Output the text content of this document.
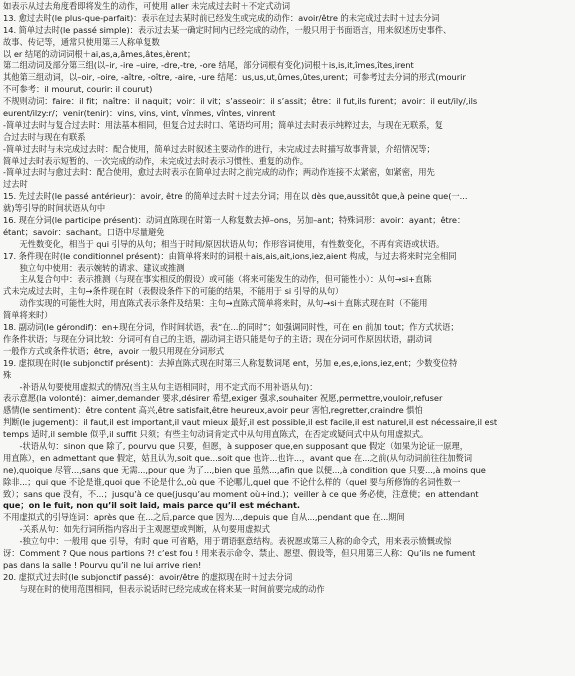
如表示从过去角度看即将发生的动作，可使用 aller 未完成过去时＋不定式动词
13. 愈过去时(le plus-que-parfait)：表示在过去某时前已经发生或完成的动作：avoir/être 的未完成过去时＋过去分词
14. 简单过去时(le passé simple)：表示过去某一确定时间内已经完成的动作，一般只用于书面语言，用来叙述历史事件、
故事、传记等，通常只使用第三人称单复数
以 er 结尾的动词词根＋ai,as,a,âmes,âtes,èrent；
第二组动词及部分第三组(以–ir, -ire –uire, -dre,-tre, -ore 结尾，部分词根有变化)词根＋is,is,it,îmes,îtes,irent
其他第三组动词，以–oir, -oire, -aître, -oître, -aire, -ure 结尾：us,us,ut,ûmes,ûtes,urent；可参考过去分词的形式(mourir
不可参考：il mourut, courir: il courut)
不规则动词：faire：il fit；naître：il naquit；voir：il vit；s’asseoir：il s’assit；être：il fut,ils furent；avoir：il eut/ily/,ils
eurent/ilzy:r/；venir(tenir)：vins, vins, vint, vînmes, vîntes, vinrent
-简单过去时与复合过去时：用法基本相同，但复合过去时口、笔语均可用；简单过去时表示纯粹过去，与现在无联系，复
合过去时与现在有联系
-简单过去时与未完成过去时：配合使用，简单过去时叙述主要动作的进行，未完成过去时描写故事背景，介绍情况等；
简单过去时表示短暂的、一次完成的动作，未完成过去时表示习惯性、重复的动作。
-简单过去时与愈过去时：配合使用，愈过去时表示在简单过去时之前完成的动作；两动作连接不太紧密，如紧密，用先
过去时
15. 先过去时(le passé antérieur)：avoir, être 的简单过去时＋过去分词；用在以 dès que,aussitôt que,à peine que(一...
就)等引导的时间状语从句中
16. 现在分词(le participe présent)：动词直陈现在时第一人称复数去掉–ons，另加–ant；特殊词形：avoir：ayant；être：
étant；savoir：sachant。口语中尽量避免
　　无性数变化，相当于 qui 引导的从句；相当于时间/原因状语从句；作形容词使用，有性数变化，不再有宾语或状语。
17. 条件现在时(le conditionnel présent)：由简单将来时的词根＋ais,ais,ait,ions,iez,aient 构成，与过去将来时完全相同
　　独立句中使用：表示婉转的请求、建议或推测
　　主从复合句中：表示推测（与现在事实相反的假设）或可能（将来可能发生的动作，但可能性小）：从句→si+直陈
式未完成过去时，主句→条件现在时（表假设条件下的可能的结果，不能用于 si 引导的从句）
　　动作实现的可能性大时，用直陈式表示条件及结果：主句→直陈式简单将来时，从句→si＋直陈式现在时（不能用
简单将来时）
18. 副动词(le gérondif)：en+现在分词，作时间状语，表“在...的同时”；如强调同时性，可在 en 前加 tout；作方式状语；
作条件状语；与现在分词比较：分词可有自己的主语，副动词主语只能是句子的主语；现在分词可作原因状语，副动词
一般作方式或条件状语；être，avoir 一般只用现在分词形式
19. 虚拟现在时(le subjonctif présent)：去掉直陈式现在时第三人称复数词尾 ent，另加 e,es,e,ions,iez,ent；少数变位特
殊
　　-补语从句要使用虚拟式的情况(当主从句主语相同时，用不定式而不用补语从句)：
表示意愿(la volonté)：aimer,demander 要求,désirer 希望,exiger 强求,souhaiter 祝愿,permettre,vouloir,refuser
感情(le sentiment)：être content 高兴,être satisfait,être heureux,avoir peur 害怕,regretter,craindre 惧怕
判断(le jugement)：il faut,il est important,il vaut mieux 最好,il est possible,il est facile,il est naturel,il est nécessaire,il est
temps 适时,il semble 似乎,il suffit 只须；有些主句动词肯定式中从句用直陈式，在否定或疑问式中从句用虚拟式。
　　-状语从句：sinon que 除了, pourvu que 只要，但愿，à supposer que,en supposant que 假定（如果为论证一原理，
用直陈），en admettant que 假定，姑且认为,soit que...soit que 也许...也许...，avant que 在...之前(从句动词前往往加赘词
ne),quoique 尽管...,sans que 无需...,pour que 为了...,bien que 虽然...,afin que 以便...,à condition que 只要...,à moins que
除非...；qui que 不论是谁,quoi que 不论是什么,où que 不论哪儿,quel que 不论什么样的（quel 要与所修饰的名词性数一
致）；sans que 没有，不...；jusqu’à ce que(jusqu’au moment où+ind.)；veiller à ce que 务必使，注意使；en attendant
que；on le fuit, non qu’il soit laid, mais parce qu’il est méchant.
不用虚拟式的引导连词：après que 在...之后,parce que 因为...,depuis que 自从...,pendant que 在...期间
　　-关系从句：如先行词所指内容出于主观愿望或判断，从句要用虚拟式
　　-独立句中：一般用 que 引导，有时 que 可省略，用于谓语驱意结构。表祝愿或第三人称的命令式，用来表示愤慨或惊
讶：Comment ? Que nous partions ?! c’est fou ! 用来表示命令、禁止、愿望、假设等，但只用第三人称：Qu’ils ne fument
pas dans la salle ! Pourvu qu’il ne lui arrive rien!
20. 虚拟式过去时(le subjonctif passé)：avoir/être 的虚拟现在时＋过去分词
　　与现在时的使用范围相同，但表示说话时已经完成或在将来某一时间前要完成的动作
